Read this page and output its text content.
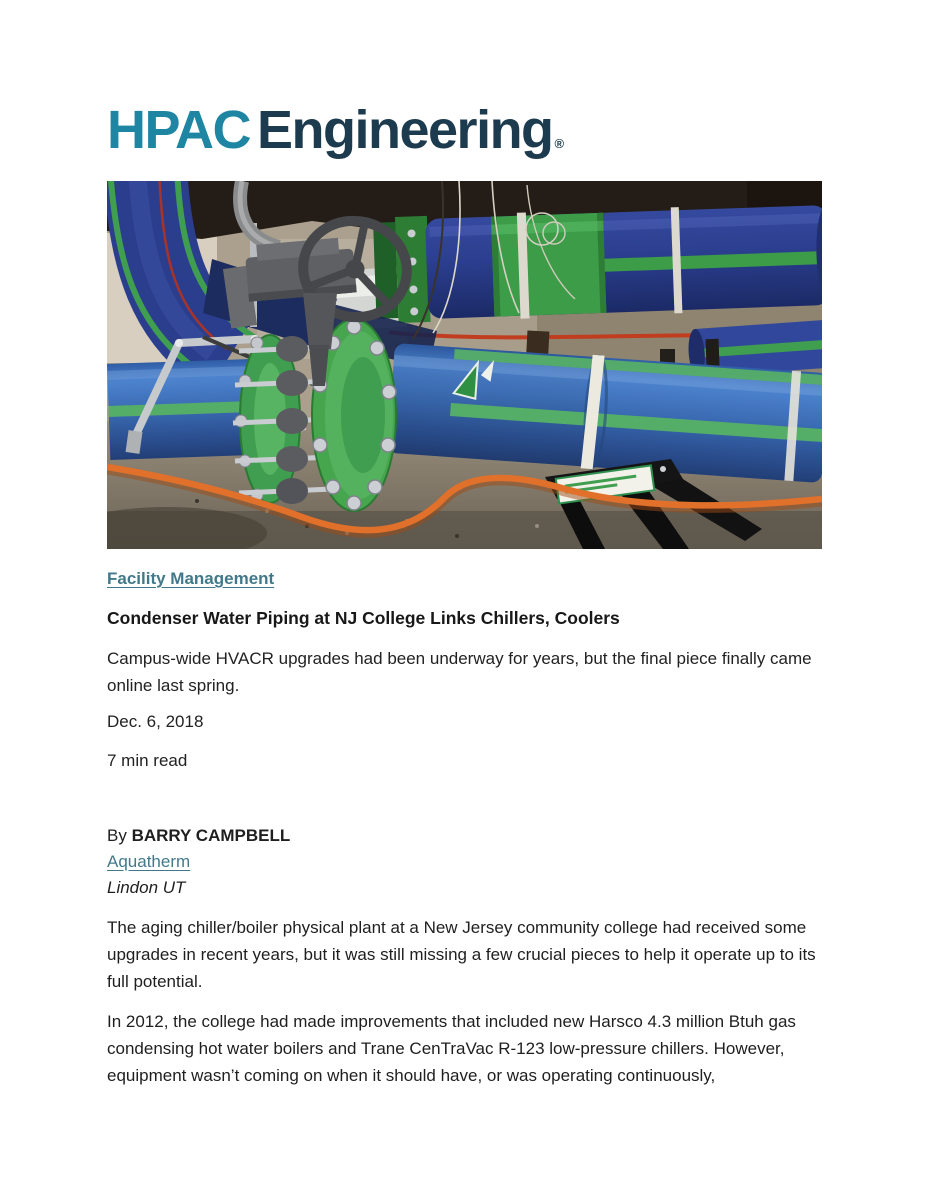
HPAC Engineering ®
Facility Management
Condenser Water Piping at NJ College Links Chillers, Coolers

Campus-wide HVACR upgrades had been underway for years, but the final piece finally came online last spring.

Dec. 6, 2018

7 min read

By BARRY CAMPBELL
Aquatherm
Lindon UT

The aging chiller/boiler physical plant at a New Jersey community college had received some upgrades in recent years, but it was still missing a few crucial pieces to help it operate up to its full potential.

In 2012, the college had made improvements that included new Harsco 4.3 million Btuh gas condensing hot water boilers and Trane CenTraVac R-123 low-pressure chillers. However, equipment wasn’t coming on when it should have, or was operating continuously,
